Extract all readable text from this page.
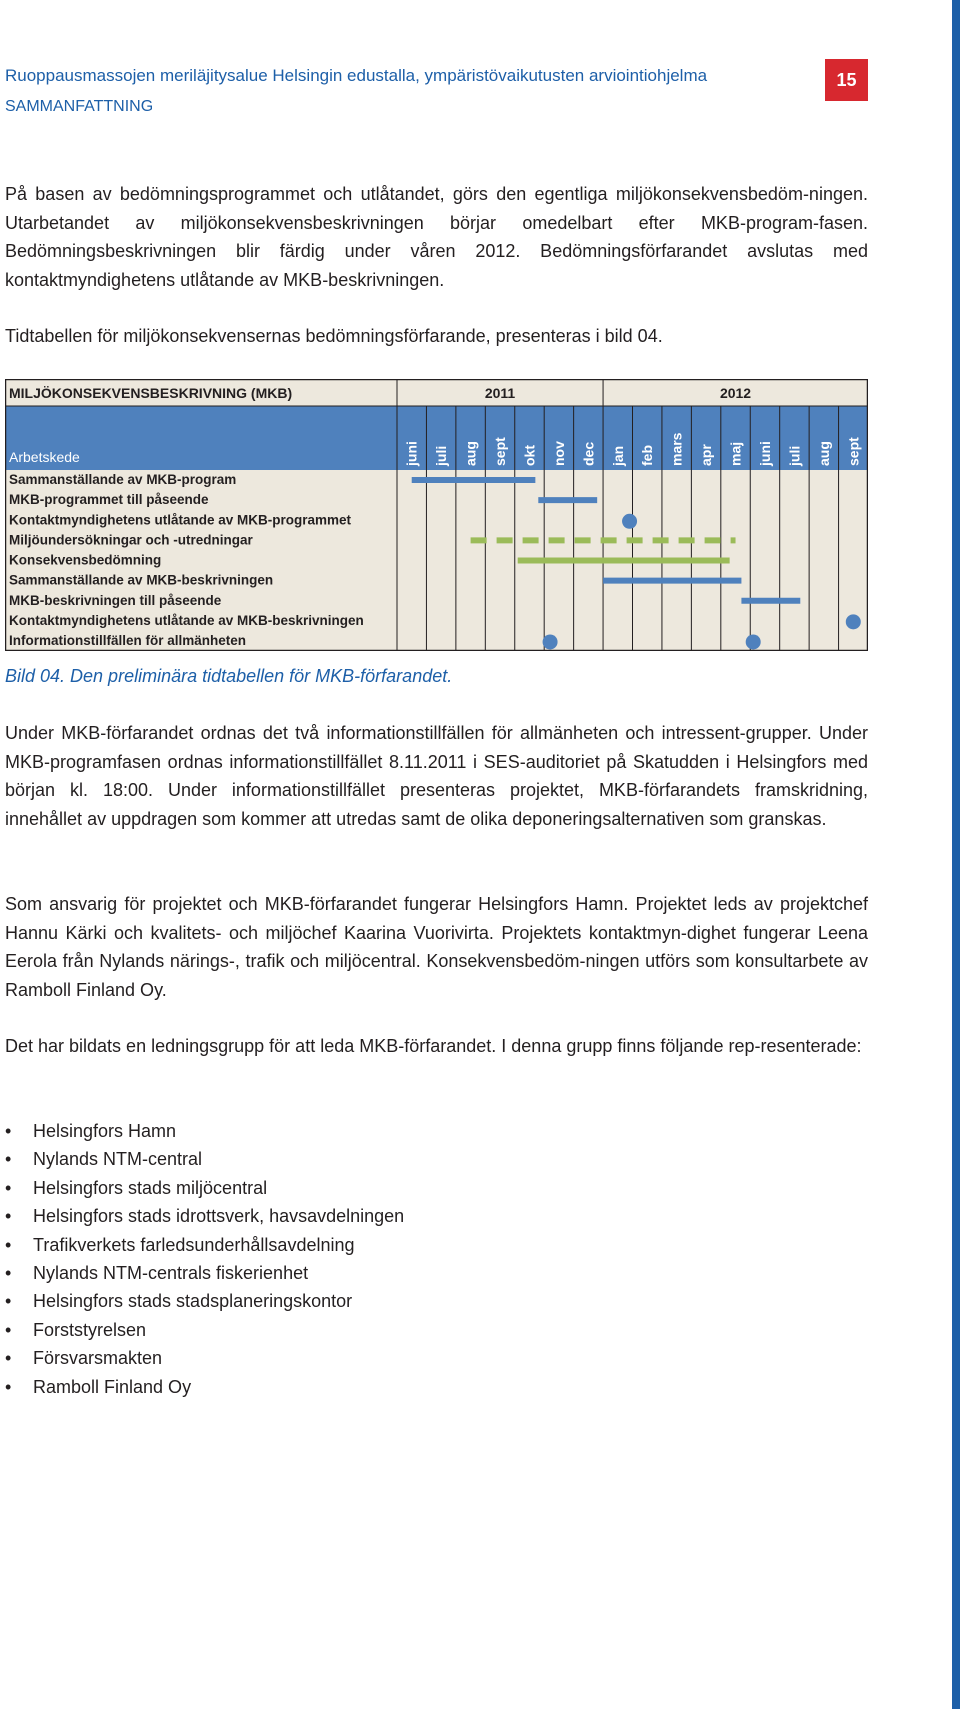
Ruoppausmassojen meriläjitysalue Helsingin edustalla, ympäristövaikutusten arviointiohjelma
SAMMANFATTNING
15

På basen av bedömningsprogrammet och utlåtandet, görs den egentliga miljökonsekvensbedöm-ningen. Utarbetandet av miljökonsekvensbeskrivningen börjar omedelbart efter MKB-program-fasen. Bedömningsbeskrivningen blir färdig under våren 2012. Bedömningsförfarandet avslutas med kontaktmyndighetens utlåtande av MKB-beskrivningen.

Tidtabellen för miljökonsekvensernas bedömningsförfarande, presenteras i bild 04.

MILJÖKONSEKVENSBESKRIVNING (MKB)	2011	2012
Arbetskede	juni juli aug sept okt nov dec jan feb mars apr maj juni juli aug sept
Sammanställande av MKB-program
MKB-programmet till påseende
Kontaktmyndighetens utlåtande av MKB-programmet
Miljöundersökningar och -utredningar
Konsekvensbedömning
Sammanställande av MKB-beskrivningen
MKB-beskrivningen till påseende
Kontaktmyndighetens utlåtande av MKB-beskrivningen
Informationstillfällen för allmänheten
Bild 04. Den preliminära tidtabellen för MKB-förfarandet.

Under MKB-förfarandet ordnas det två informationstillfällen för allmänheten och intressent-grupper. Under MKB-programfasen ordnas informationstillfället 8.11.2011 i SES-auditoriet på Skatudden i Helsingfors med början kl. 18:00. Under informationstillfället presenteras projektet, MKB-förfarandets framskridning, innehållet av uppdragen som kommer att utredas samt de olika deponeringsalternativen som granskas.

Som ansvarig för projektet och MKB-förfarandet fungerar Helsingfors Hamn. Projektet leds av projektchef Hannu Kärki och kvalitets- och miljöchef Kaarina Vuorivirta. Projektets kontaktmyn-dighet fungerar Leena Eerola från Nylands närings-, trafik och miljöcentral. Konsekvensbedöm-ningen utförs som konsultarbete av Ramboll Finland Oy.

Det har bildats en ledningsgrupp för att leda MKB-förfarandet. I denna grupp finns följande rep-resenterade:

• Helsingfors Hamn
• Nylands NTM-central
• Helsingfors stads miljöcentral
• Helsingfors stads idrottsverk, havsavdelningen
• Trafikverkets farledsunderhållsavdelning
• Nylands NTM-centrals fiskerienhet
• Helsingfors stads stadsplaneringskontor
• Forststyrelsen
• Försvarsmakten
• Ramboll Finland Oy
